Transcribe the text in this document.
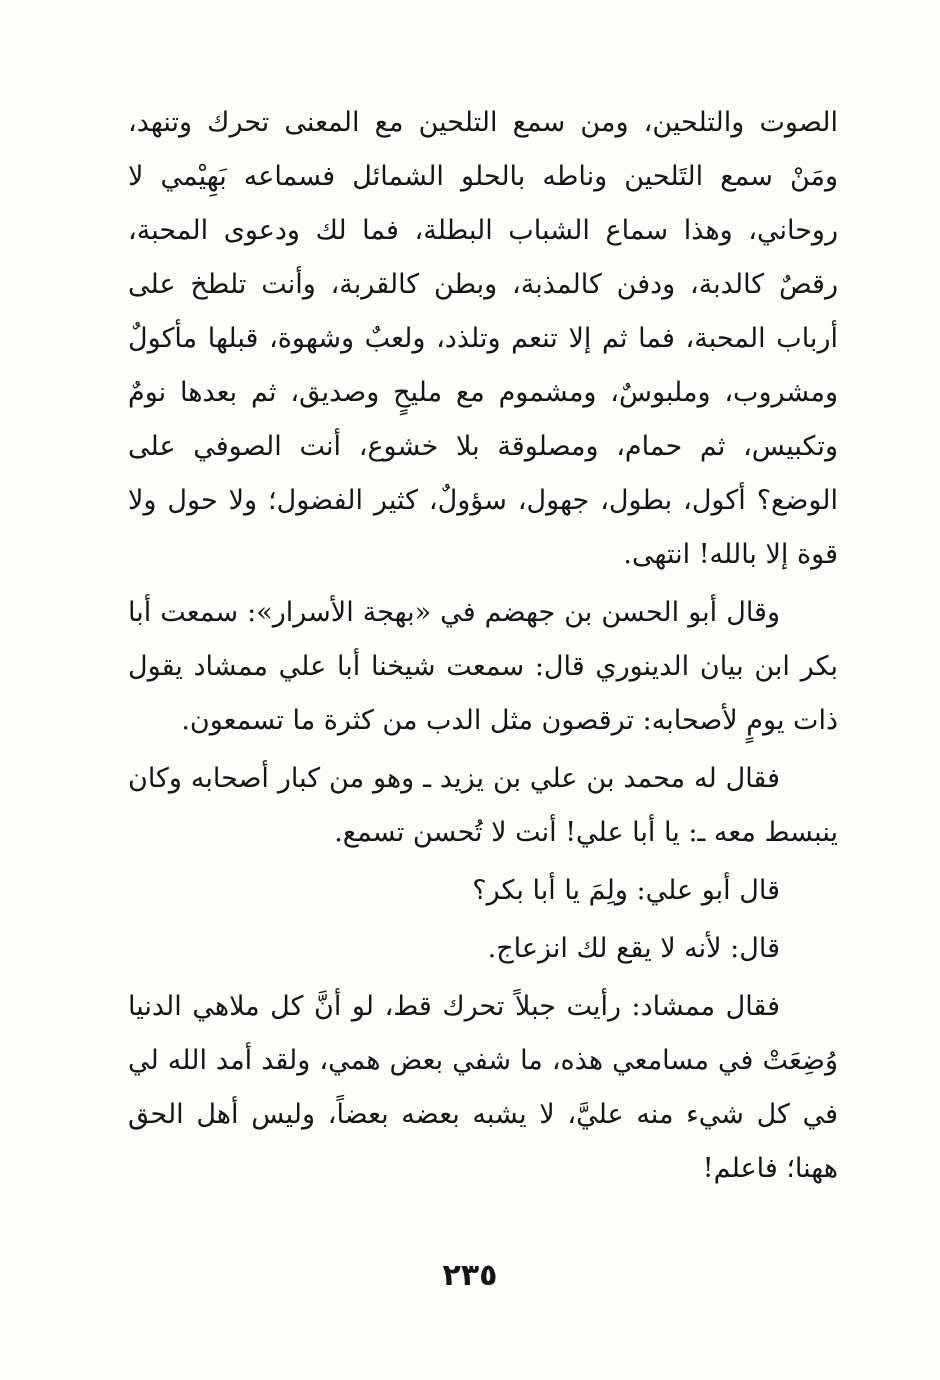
الصوت والتلحين، ومن سمع التلحين مع المعنى تحرك وتنهد، ومَنْ سمع التَلحين وناطه بالحلو الشمائل فسماعه بَهِيْمي لا روحاني، وهذا سماع الشباب البطلة، فما لك ودعوى المحبة، رقصٌ كالدبة، ودفن كالمذبة، وبطن كالقربة، وأنت تلطخ على أرباب المحبة، فما ثم إلا تنعم وتلذد، ولعبٌ وشهوة، قبلها مأكولٌ ومشروب، وملبوسٌ، ومشموم مع مليحٍ وصديق، ثم بعدها نومٌ وتكبيس، ثم حمام، ومصلوقة بلا خشوع، أنت الصوفي على الوضع؟ أكول، بطول، جهول، سؤولٌ، كثير الفضول؛ ولا حول ولا قوة إلا بالله! انتهى.

وقال أبو الحسن بن جهضم في «بهجة الأسرار»: سمعت أبا بكر ابن بيان الدينوري قال: سمعت شيخنا أبا علي ممشاد يقول ذات يومٍ لأصحابه: ترقصون مثل الدب من كثرة ما تسمعون.

فقال له محمد بن علي بن يزيد ـ وهو من كبار أصحابه وكان ينبسط معه ـ: يا أبا علي! أنت لا تُحسن تسمع.

قال أبو علي: ولِمَ يا أبا بكر؟

قال: لأنه لا يقع لك انزعاج.

فقال ممشاد: رأيت جبلاً تحرك قط، لو أنَّ كل ملاهي الدنيا وُضِعَتْ في مسامعي هذه، ما شفي بعض همي، ولقد أمد الله لي في كل شيء منه عليَّ، لا يشبه بعضه بعضاً، وليس أهل الحق ههنا؛ فاعلم!

٢٣٥
